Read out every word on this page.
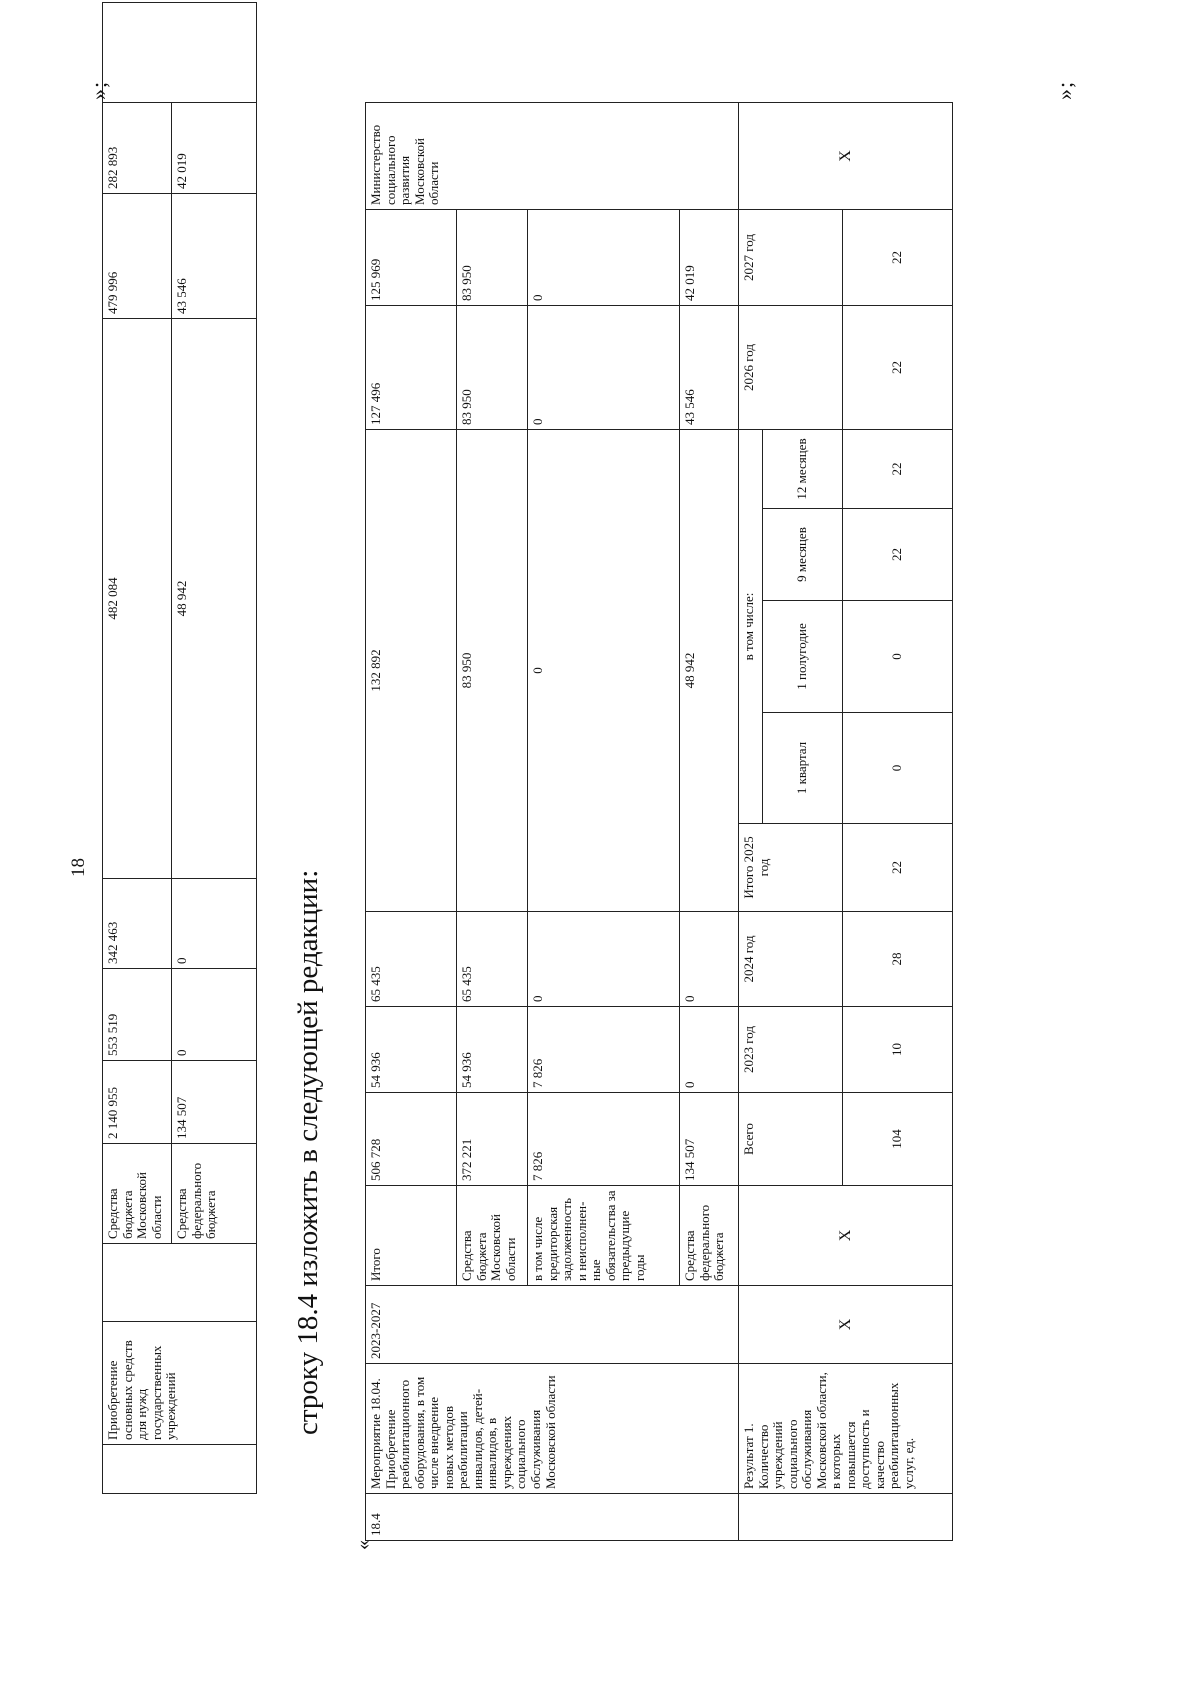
18
	Приобретение основных средств для нужд государственных учреждений		Средства бюджета Московской области	2 140 955	553 519	342 463	482 084	479 996	282 893	
			Средства федерального бюджета	134 507	0	0	48 942	43 546	42 019	
»;
строку 18.4 изложить в следующей редакции:
«
18.4	Мероприятие 18.04. Приобретение реабилитационного оборудования, в том числе внедрение новых методов реабилитации инвалидов, детей-инвалидов, в учреждениях социального обслуживания Московской области	2023-2027	Итого	506 728	54 936	65 435	132 892					127 496	125 969	Министерство социального развития Московской области
			Средства бюджета Московской области	372 221	54 936	65 435	83 950					83 950	83 950	
			в том числе кредиторская задолженность и неисполнен-ные обязательства за предыдущие годы	7 826	7 826	0	0					0	0	
			Средства федерального бюджета	134 507	0	0	48 942					43 546	42 019	
	Результат 1. Количество учреждений социального обслуживания Московской области, в которых повышается доступность и качество реабилитационных услуг, ед.	X	X	Всего	2023 год	2024 год	Итого 2025 год	в том числе:				2026 год	2027 год	X
								1 квартал	1 полугодие	9 месяцев	12 месяцев			
				104	10	28	22	0	0	22	22	22	22	
»;
